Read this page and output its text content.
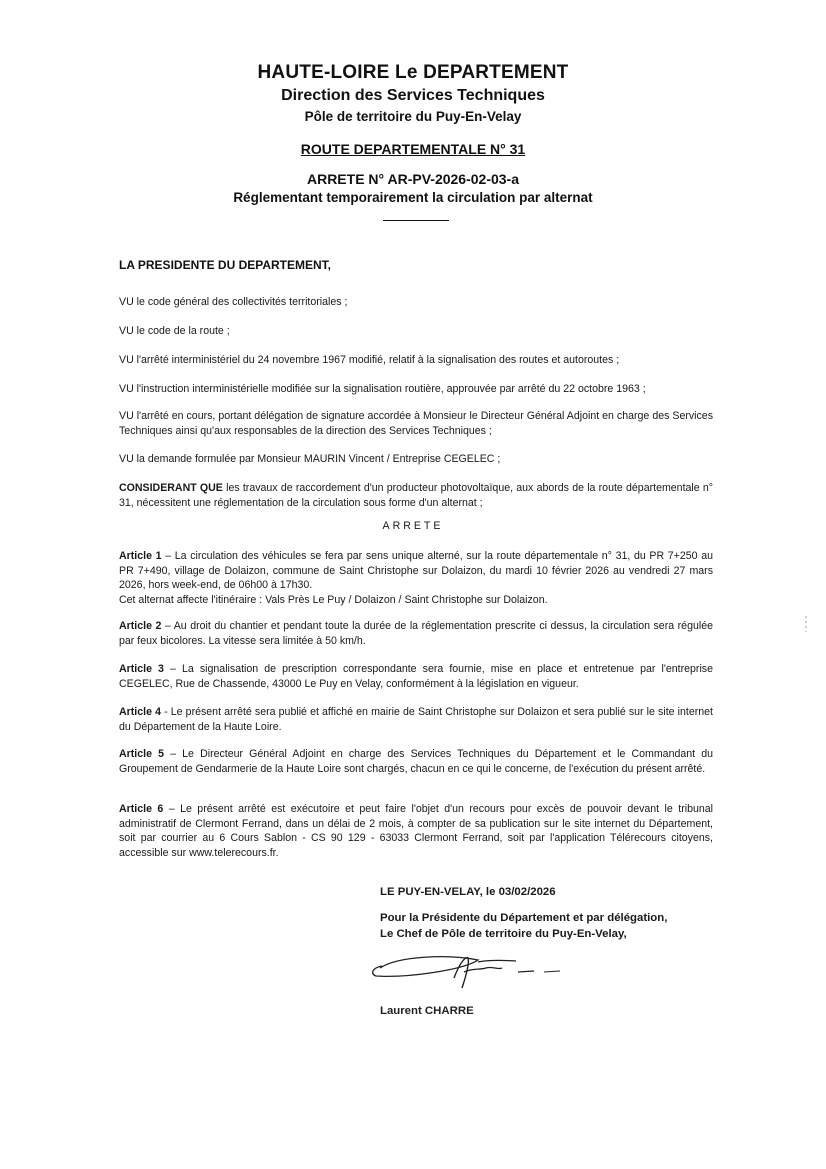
HAUTE-LOIRE Le DEPARTEMENT
Direction des Services Techniques
Pôle de territoire du Puy-En-Velay
ROUTE DEPARTEMENTALE N° 31
ARRETE N° AR-PV-2026-02-03-a
Réglementant temporairement la circulation par alternat
LA PRESIDENTE DU DEPARTEMENT,
VU le code général des collectivités territoriales ;
VU le code de la route ;
VU l'arrêté interministériel du 24 novembre 1967 modifié, relatif à la signalisation des routes et autoroutes ;
VU l'instruction interministérielle modifiée sur la signalisation routière, approuvée par arrêté du 22 octobre 1963 ;
VU l'arrêté en cours, portant délégation de signature accordée à Monsieur le Directeur Général Adjoint en charge des Services Techniques ainsi qu'aux responsables de la direction des Services Techniques ;
VU la demande formulée par Monsieur MAURIN Vincent / Entreprise CEGELEC ;
CONSIDERANT QUE les travaux de raccordement d'un producteur photovoltaïque, aux abords de la route départementale n° 31, nécessitent une réglementation de la circulation sous forme d'un alternat ;
ARRETE
Article 1 – La circulation des véhicules se fera par sens unique alterné, sur la route départementale n° 31, du PR 7+250 au PR 7+490, village de Dolaizon, commune de Saint Christophe sur Dolaizon, du mardi 10 février 2026 au vendredi 27 mars 2026, hors week-end, de 06h00 à 17h30.
Cet alternat affecte l'itinéraire : Vals Près Le Puy / Dolaizon / Saint Christophe sur Dolaizon.
Article 2 – Au droit du chantier et pendant toute la durée de la réglementation prescrite ci dessus, la circulation sera régulée par feux bicolores. La vitesse sera limitée à 50 km/h.
Article 3 – La signalisation de prescription correspondante sera fournie, mise en place et entretenue par l'entreprise CEGELEC, Rue de Chassende, 43000 Le Puy en Velay, conformément à la législation en vigueur.
Article 4 - Le présent arrêté sera publié et affiché en mairie de Saint Christophe sur Dolaizon et sera publié sur le site internet du Département de la Haute Loire.
Article 5 – Le Directeur Général Adjoint en charge des Services Techniques du Département et le Commandant du Groupement de Gendarmerie de la Haute Loire sont chargés, chacun en ce qui le concerne, de l'exécution du présent arrêté.
Article 6 – Le présent arrêté est exécutoire et peut faire l'objet d'un recours pour excès de pouvoir devant le tribunal administratif de Clermont Ferrand, dans un délai de 2 mois, à compter de sa publication sur le site internet du Département, soit par courrier au 6 Cours Sablon - CS 90 129 - 63033 Clermont Ferrand, soit par l'application Télérecours citoyens, accessible sur www.telerecours.fr.
LE PUY-EN-VELAY, le 03/02/2026
Pour la Présidente du Département et par délégation,
Le Chef de Pôle de territoire du Puy-En-Velay,
Laurent CHARRE
